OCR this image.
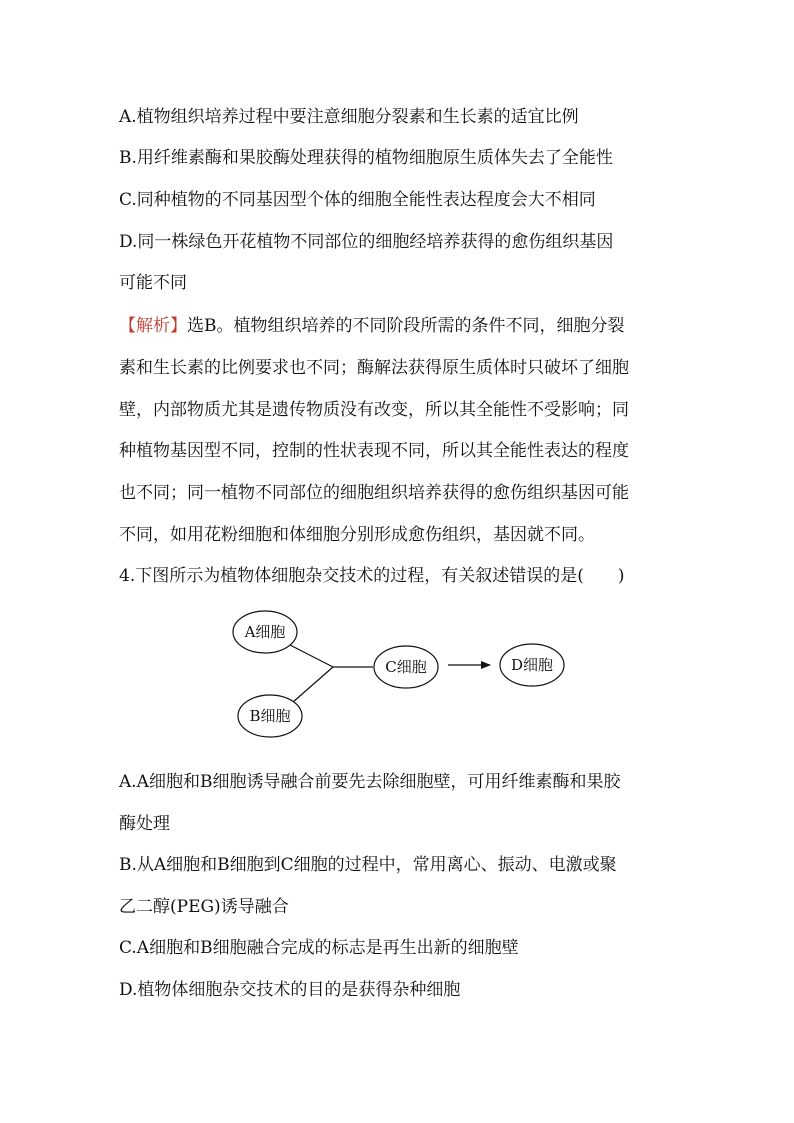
A.植物组织培养过程中要注意细胞分裂素和生长素的适宜比例
B.用纤维素酶和果胶酶处理获得的植物细胞原生质体失去了全能性
C.同种植物的不同基因型个体的细胞全能性表达程度会大不相同
D.同一株绿色开花植物不同部位的细胞经培养获得的愈伤组织基因
可能不同
【解析】选B。植物组织培养的不同阶段所需的条件不同，细胞分裂
素和生长素的比例要求也不同；酶解法获得原生质体时只破坏了细胞
壁，内部物质尤其是遗传物质没有改变，所以其全能性不受影响；同
种植物基因型不同，控制的性状表现不同，所以其全能性表达的程度
也不同；同一植物不同部位的细胞组织培养获得的愈伤组织基因可能
不同，如用花粉细胞和体细胞分别形成愈伤组织，基因就不同。
4.下图所示为植物体细胞杂交技术的过程，有关叙述错误的是(　　)
A细胞
B细胞
C细胞	D细胞
A.A细胞和B细胞诱导融合前要先去除细胞壁，可用纤维素酶和果胶
酶处理
B.从A细胞和B细胞到C细胞的过程中，常用离心、振动、电激或聚
乙二醇(PEG)诱导融合
C.A细胞和B细胞融合完成的标志是再生出新的细胞壁
D.植物体细胞杂交技术的目的是获得杂种细胞
